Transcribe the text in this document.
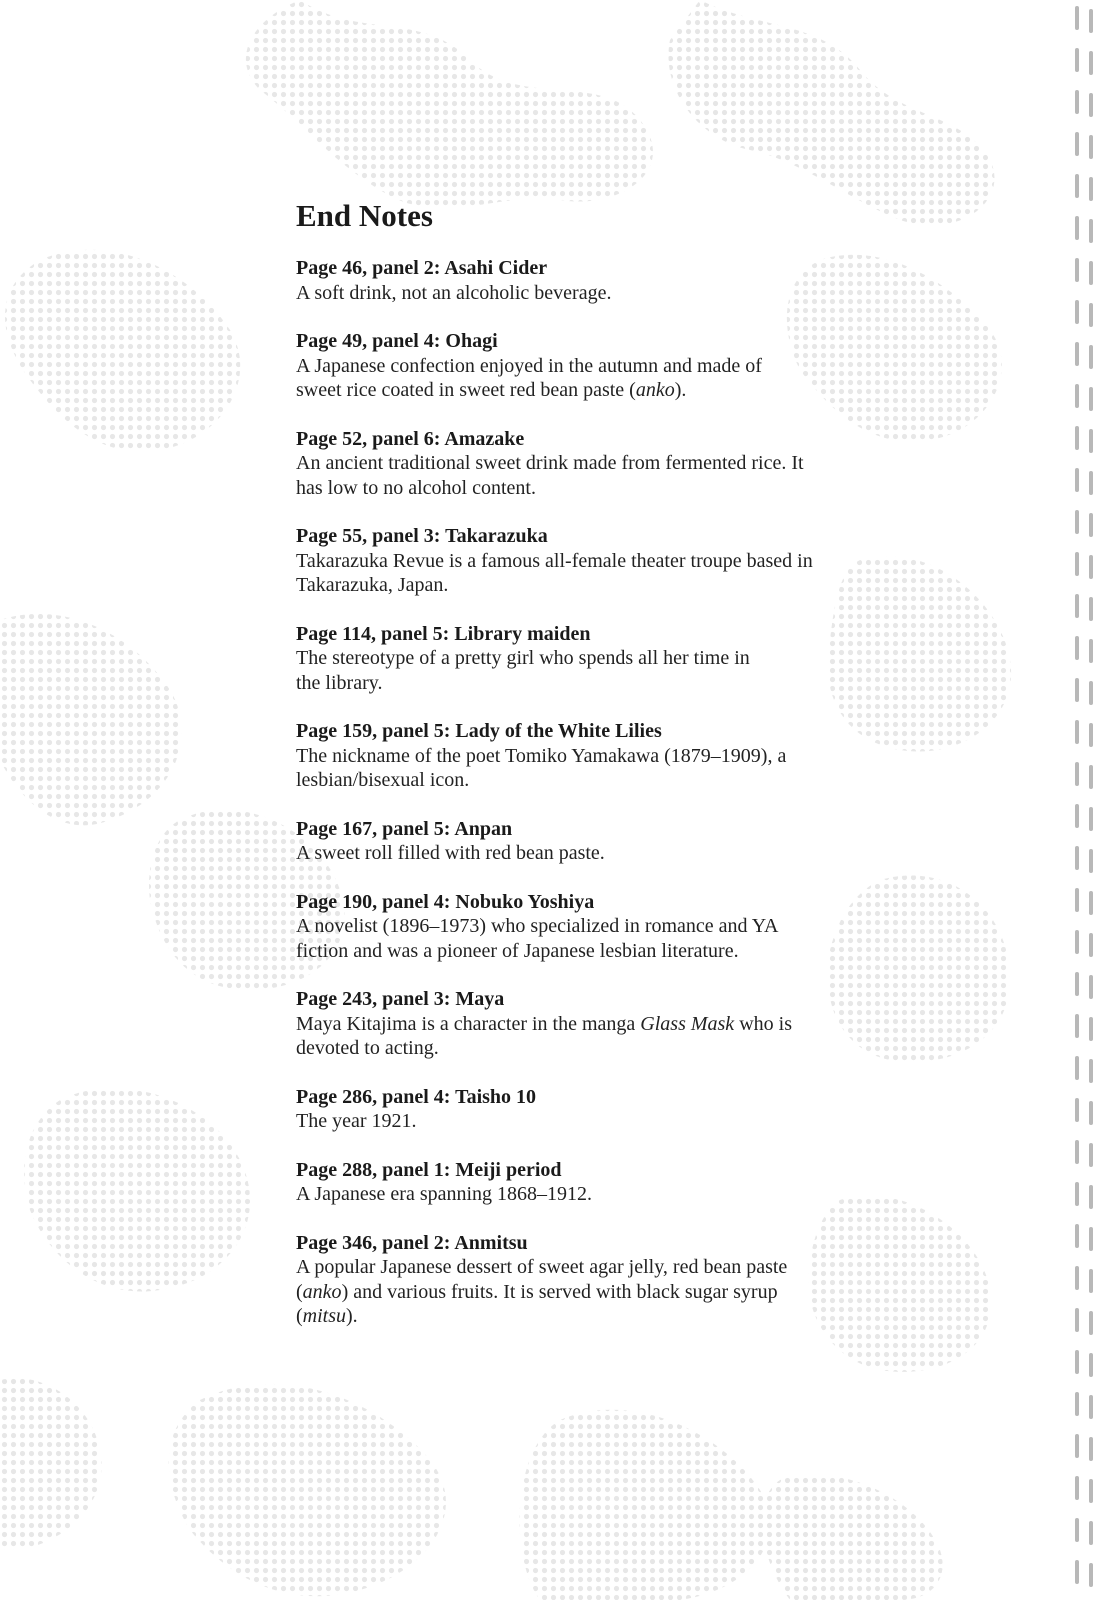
End Notes
Page 46, panel 2: Asahi Cider
A soft drink, not an alcoholic beverage.
Page 49, panel 4: Ohagi
A Japanese confection enjoyed in the autumn and made of
sweet rice coated in sweet red bean paste (anko).
Page 52, panel 6: Amazake
An ancient traditional sweet drink made from fermented rice. It
has low to no alcohol content.
Page 55, panel 3: Takarazuka
Takarazuka Revue is a famous all-female theater troupe based in
Takarazuka, Japan.
Page 114, panel 5: Library maiden
The stereotype of a pretty girl who spends all her time in
the library.
Page 159, panel 5: Lady of the White Lilies
The nickname of the poet Tomiko Yamakawa (1879–1909), a
lesbian/bisexual icon.
Page 167, panel 5: Anpan
A sweet roll filled with red bean paste.
Page 190, panel 4: Nobuko Yoshiya
A novelist (1896–1973) who specialized in romance and YA
fiction and was a pioneer of Japanese lesbian literature.
Page 243, panel 3: Maya
Maya Kitajima is a character in the manga Glass Mask who is
devoted to acting.
Page 286, panel 4: Taisho 10
The year 1921.
Page 288, panel 1: Meiji period
A Japanese era spanning 1868–1912.
Page 346, panel 2: Anmitsu
A popular Japanese dessert of sweet agar jelly, red bean paste
(anko) and various fruits. It is served with black sugar syrup
(mitsu).
